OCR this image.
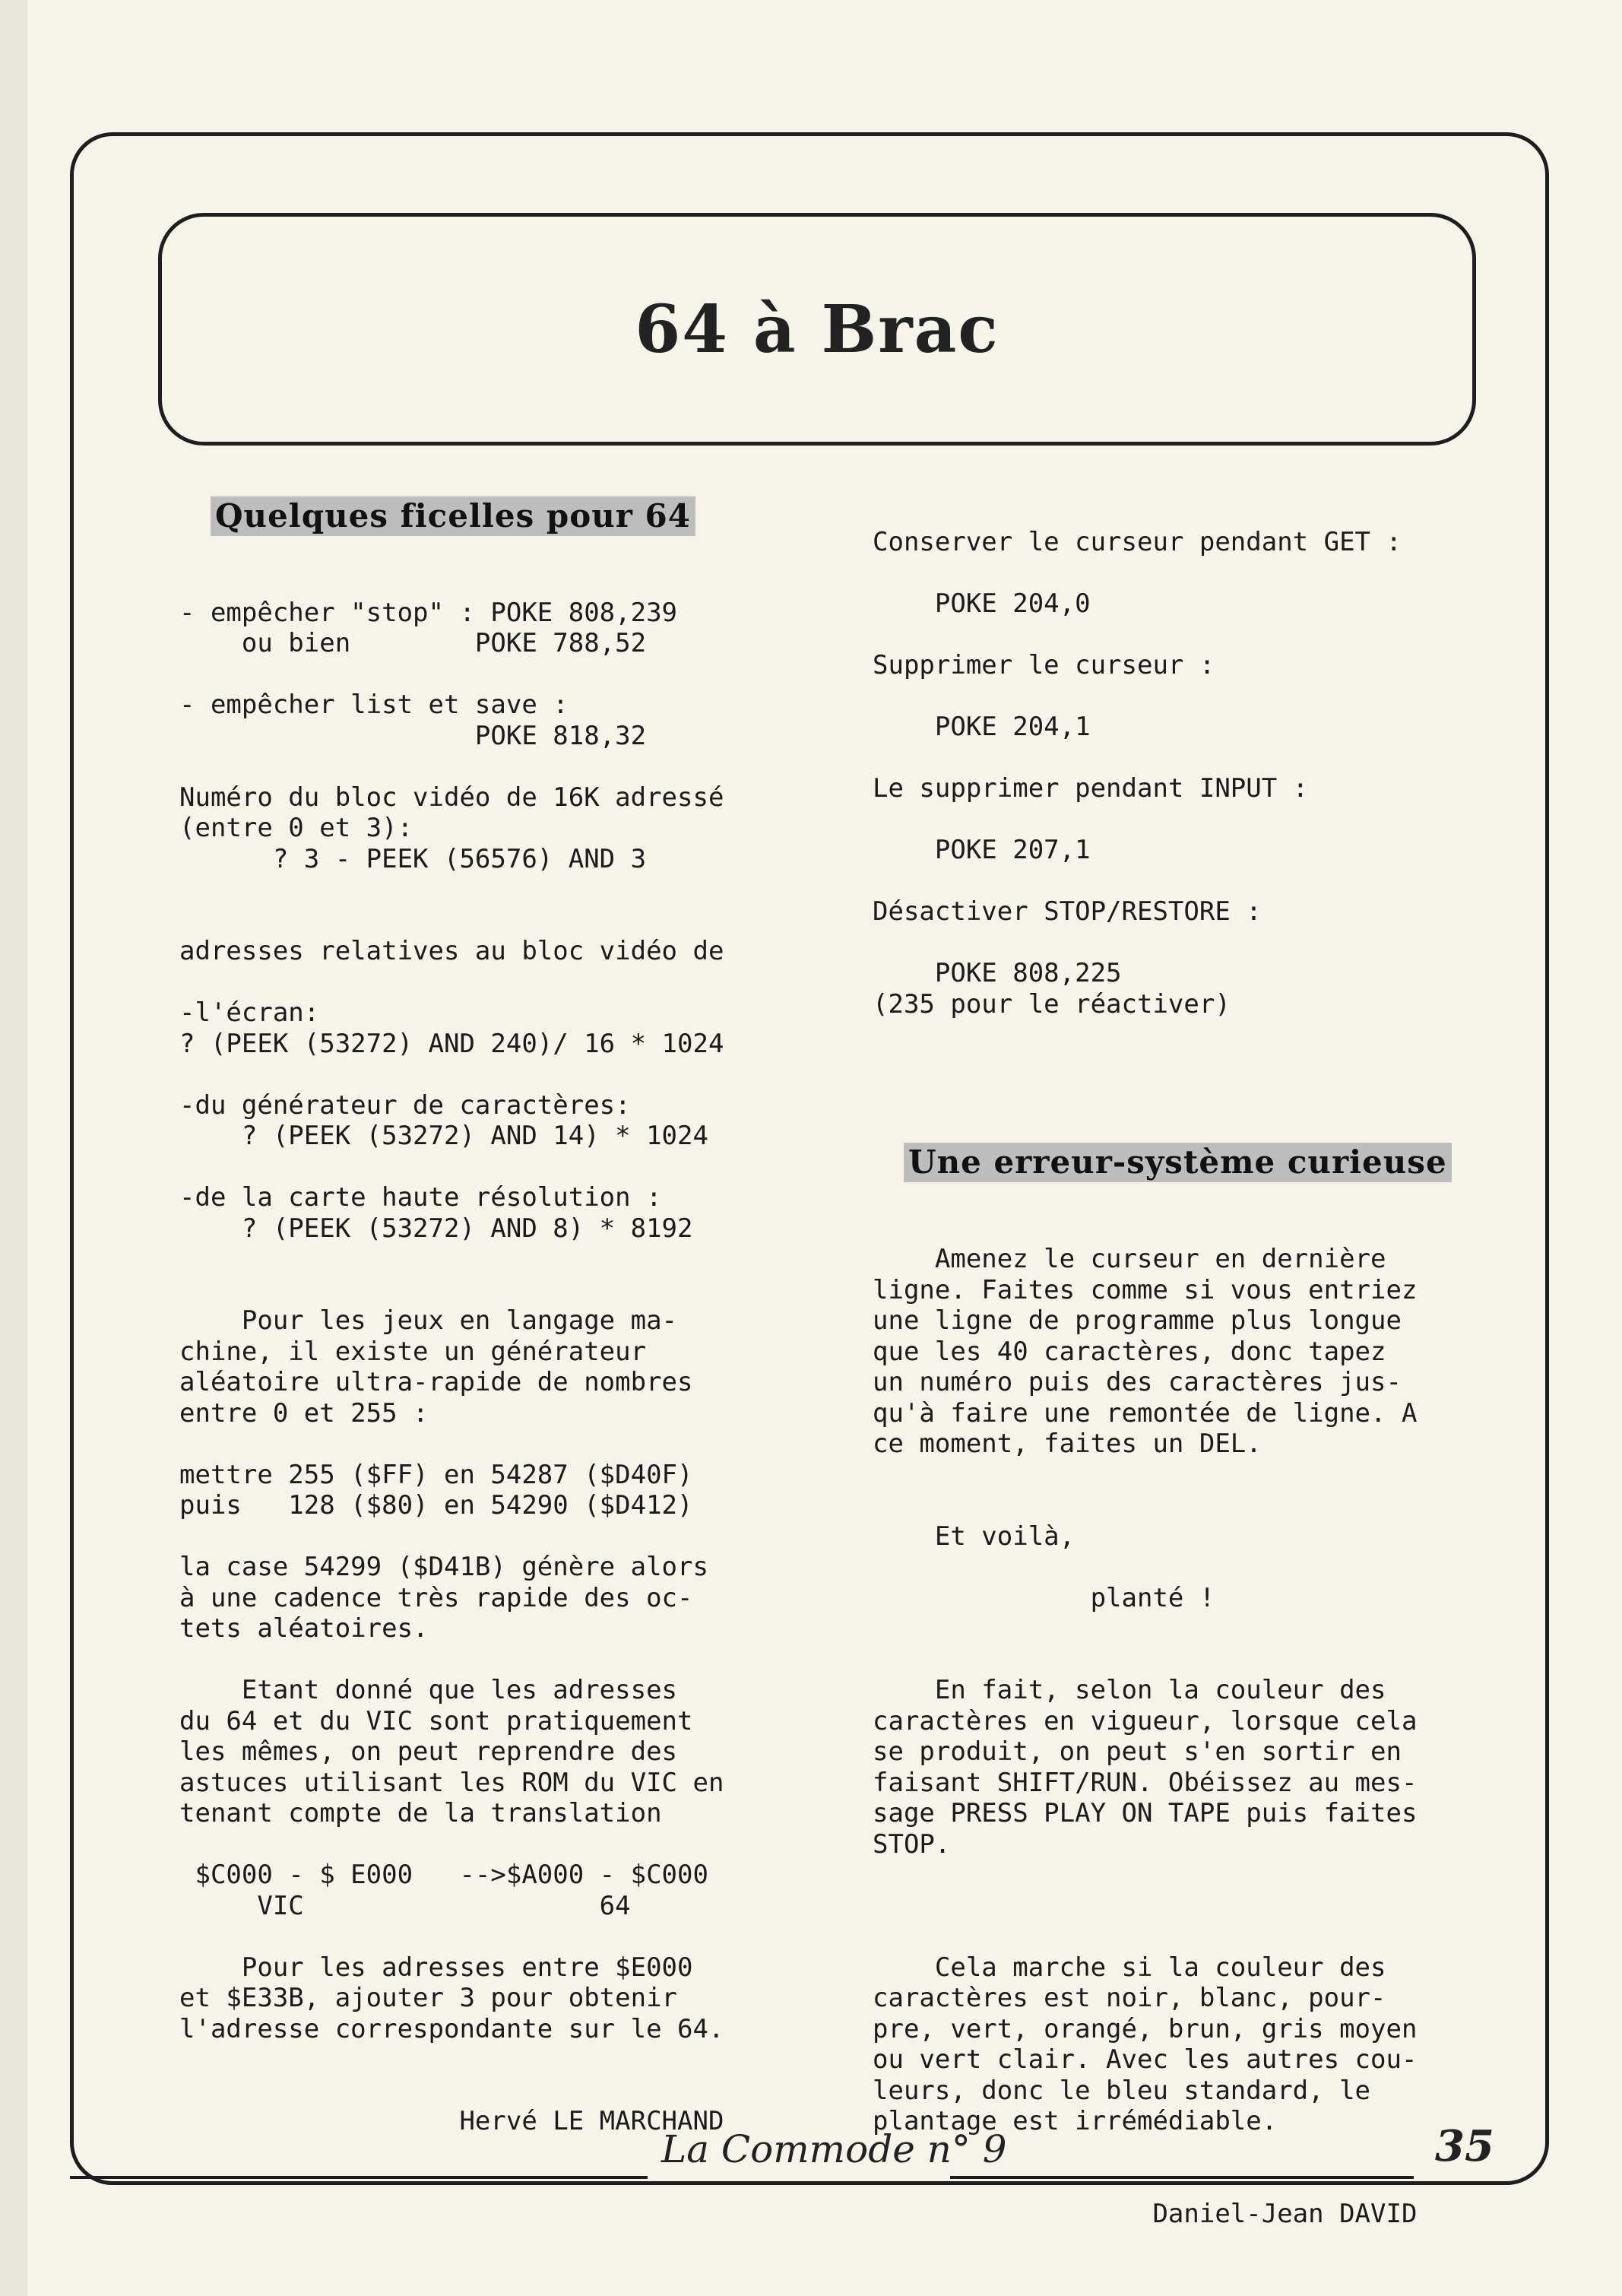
64 à Brac

Quelques ficelles pour 64

- empêcher "stop" : POKE 808,239
ou bien        POKE 788,52

- empêcher list et save :
POKE 818,32

Numéro du bloc vidéo de 16K adressé
(entre 0 et 3):
? 3 - PEEK (56576) AND 3

adresses relatives au bloc vidéo de

-l'écran:
? (PEEK (53272) AND 240)/ 16 * 1024

-du générateur de caractères:
? (PEEK (53272) AND 14) * 1024

-de la carte haute résolution :
? (PEEK (53272) AND 8) * 8192

Pour les jeux en langage ma-
chine, il existe un générateur
aléatoire ultra-rapide de nombres
entre 0 et 255 :

mettre 255 ($FF) en 54287 ($D40F)
puis   128 ($80) en 54290 ($D412)

la case 54299 ($D41B) génère alors
à une cadence très rapide des oc-
tets aléatoires.

Etant donné que les adresses
du 64 et du VIC sont pratiquement
les mêmes, on peut reprendre des
astuces utilisant les ROM du VIC en
tenant compte de la translation

$C000 - $ E000   -->$A000 - $C000
VIC                   64

Pour les adresses entre $E000
et $E33B, ajouter 3 pour obtenir
l'adresse correspondante sur le 64.

Hervé LE MARCHAND

Conserver le curseur pendant GET :

POKE 204,0

Supprimer le curseur :

POKE 204,1

Le supprimer pendant INPUT :

POKE 207,1

Désactiver STOP/RESTORE :

POKE 808,225
(235 pour le réactiver)

Une erreur-système curieuse

Amenez le curseur en dernière
ligne. Faites comme si vous entriez
une ligne de programme plus longue
que les 40 caractères, donc tapez
un numéro puis des caractères jus-
qu'à faire une remontée de ligne. A
ce moment, faites un DEL.

Et voilà,

planté !

En fait, selon la couleur des
caractères en vigueur, lorsque cela
se produit, on peut s'en sortir en
faisant SHIFT/RUN. Obéissez au mes-
sage PRESS PLAY ON TAPE puis faites
STOP.

Cela marche si la couleur des
caractères est noir, blanc, pour-
pre, vert, orangé, brun, gris moyen
ou vert clair. Avec les autres cou-
leurs, donc le bleu standard, le
plantage est irrémédiable.

Daniel-Jean DAVID

La Commode n° 9	35
